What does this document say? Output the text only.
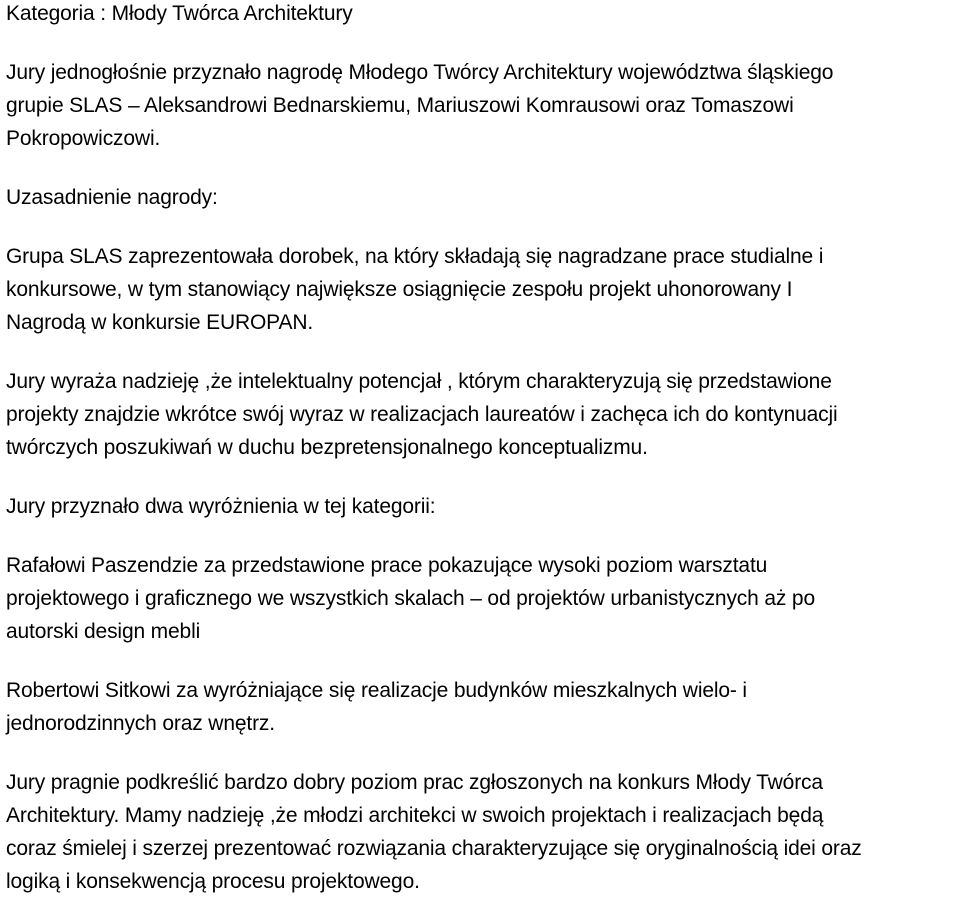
Kategoria : Młody Twórca Architektury
Jury jednogłośnie przyznało nagrodę Młodego Twórcy Architektury województwa śląskiego
grupie SLAS – Aleksandrowi Bednarskiemu, Mariuszowi Komrausowi oraz Tomaszowi
Pokropowiczowi.
Uzasadnienie nagrody:
Grupa SLAS zaprezentowała dorobek, na który składają się nagradzane prace studialne i
konkursowe, w tym stanowiący największe osiągnięcie zespołu projekt uhonorowany I
Nagrodą w konkursie EUROPAN.
Jury wyraża nadzieję ,że intelektualny potencjał , którym charakteryzują się przedstawione
projekty znajdzie wkrótce swój wyraz w realizacjach laureatów i zachęca ich do kontynuacji
twórczych poszukiwań w duchu bezpretensjonalnego konceptualizmu.
Jury przyznało dwa wyróżnienia w tej kategorii:
Rafałowi Paszendzie za przedstawione prace pokazujące wysoki poziom warsztatu
projektowego i graficznego we wszystkich skalach – od projektów urbanistycznych aż po
autorski design mebli
Robertowi Sitkowi za wyróżniające się realizacje budynków mieszkalnych wielo- i
jednorodzinnych oraz wnętrz.
Jury pragnie podkreślić bardzo dobry poziom prac zgłoszonych na konkurs Młody Twórca
Architektury. Mamy nadzieję ,że młodzi architekci w swoich projektach i realizacjach będą
coraz śmielej i szerzej prezentować rozwiązania charakteryzujące się oryginalnością idei oraz
logiką i konsekwencją procesu projektowego.
